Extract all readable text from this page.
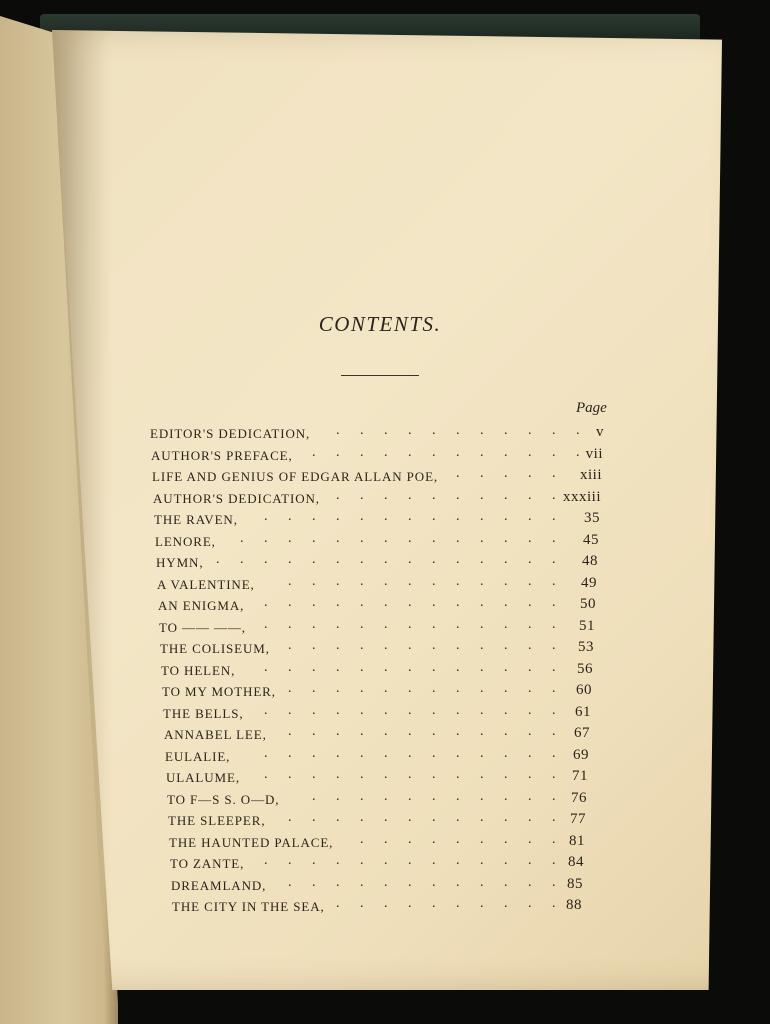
CONTENTS.
Page
EDITOR'S DEDICATION, . . . . . . . . . . . v
AUTHOR'S PREFACE, . . . . . . . . . . . . vii
LIFE AND GENIUS OF EDGAR ALLAN POE, . . . . . xiii
AUTHOR'S DEDICATION, . . . . . . . . . . xxxiii
THE RAVEN, . . . . . . . . . . . . . 35
LENORE, . . . . . . . . . . . . . . 45
HYMN, . . . . . . . . . . . . . . . 48
A VALENTINE, . . . . . . . . . . . . 49
AN ENIGMA, . . . . . . . . . . . . . 50
TO —— ——, . . . . . . . . . . . . . 51
THE COLISEUM, . . . . . . . . . . . . 53
TO HELEN, . . . . . . . . . . . . . 56
TO MY MOTHER, . . . . . . . . . . . . 60
THE BELLS, . . . . . . . . . . . . . 61
ANNABEL LEE, . . . . . . . . . . . . 67
EULALIE, . . . . . . . . . . . . . 69
ULALUME, . . . . . . . . . . . . . 71
TO F—S S. O—D, . . . . . . . . . . . 76
THE SLEEPER, . . . . . . . . . . . . 77
THE HAUNTED PALACE, . . . . . . . . . 81
TO ZANTE, . . . . . . . . . . . . . 84
DREAMLAND, . . . . . . . . . . . . 85
THE CITY IN THE SEA, . . . . . . . . . . 88
